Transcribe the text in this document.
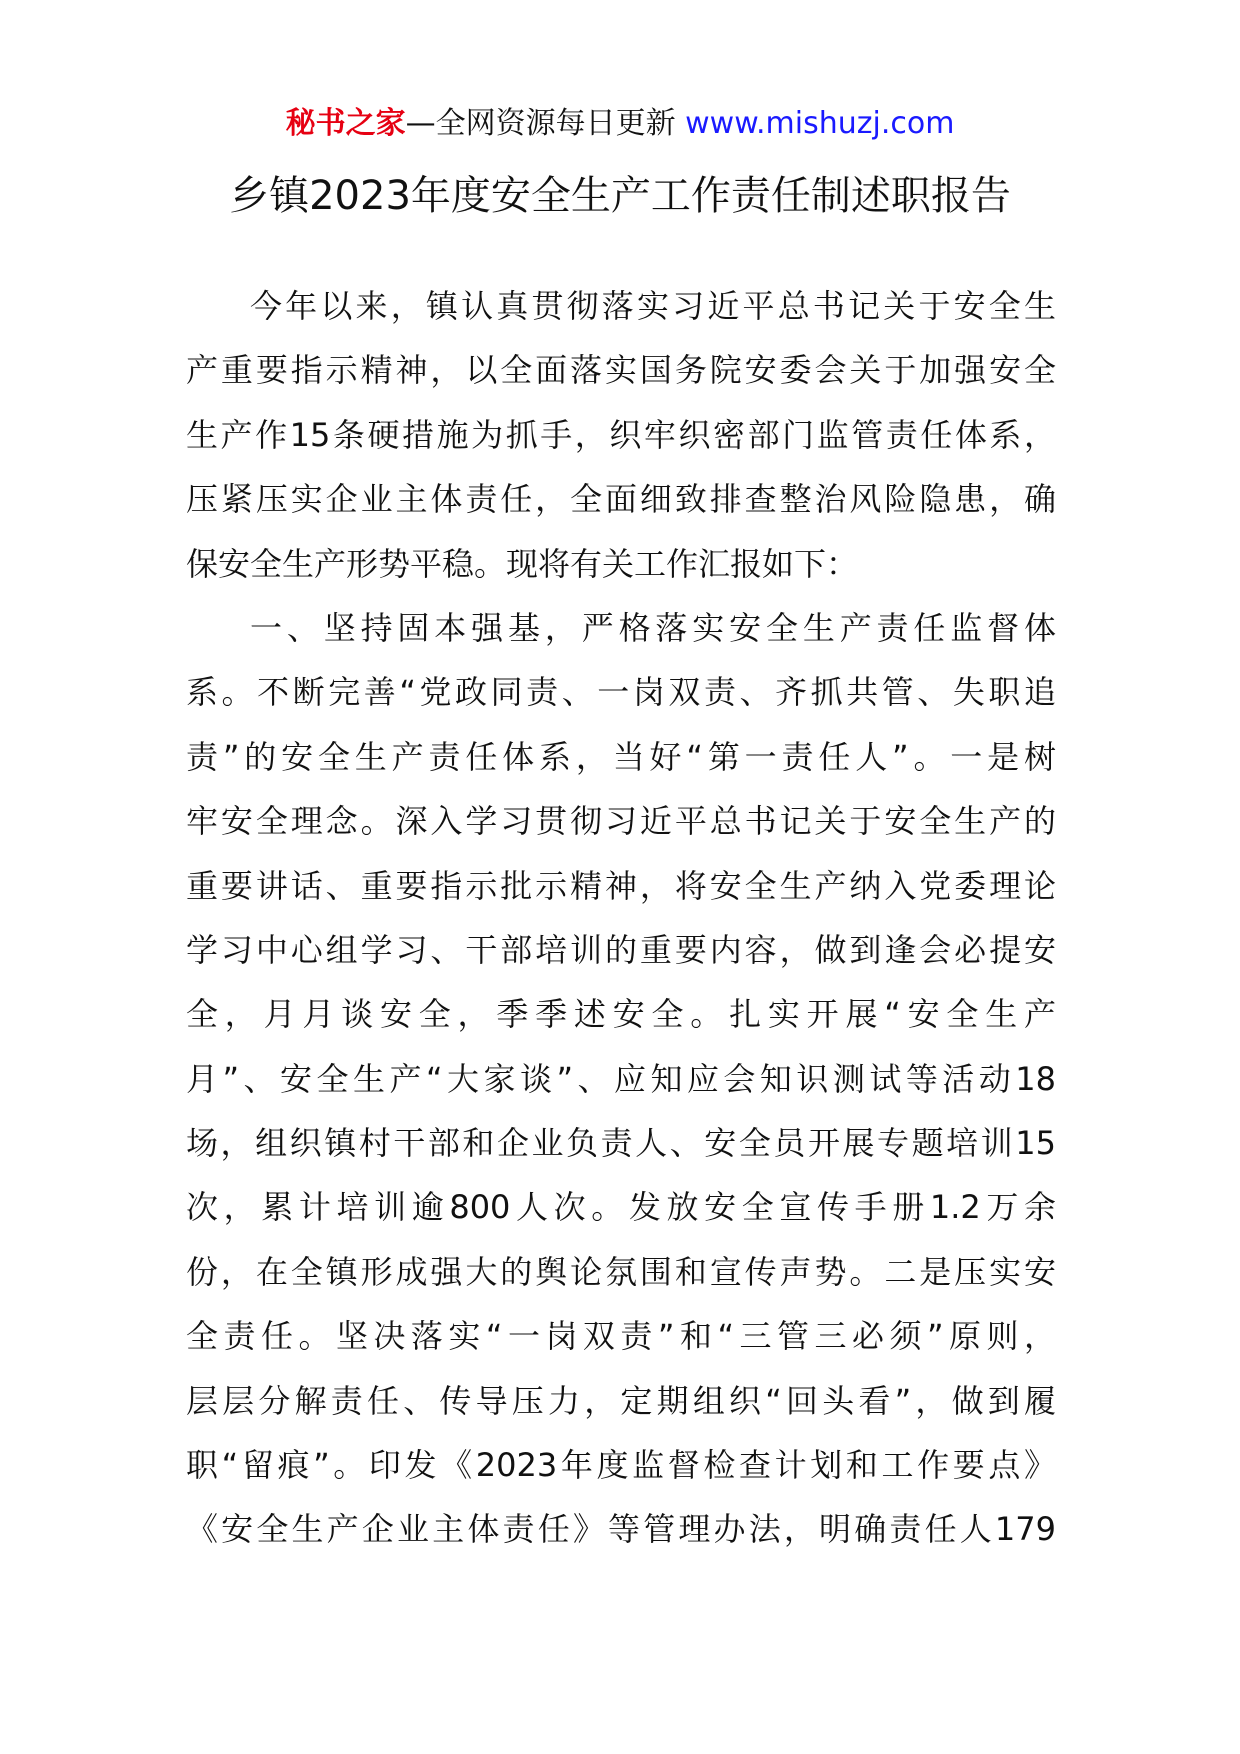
秘书之家—全网资源每日更新 www.mishuzj.com
乡镇2023年度安全生产工作责任制述职报告
今年以来，镇认真贯彻落实习近平总书记关于安全生
产重要指示精神，以全面落实国务院安委会关于加强安全
生产作15条硬措施为抓手，织牢织密部门监管责任体系，
压紧压实企业主体责任，全面细致排查整治风险隐患，确
保安全生产形势平稳。现将有关工作汇报如下：
一、坚持固本强基，严格落实安全生产责任监督体
系。不断完善“党政同责、一岗双责、齐抓共管、失职追
责”的安全生产责任体系，当好“第一责任人”。一是树
牢安全理念。深入学习贯彻习近平总书记关于安全生产的
重要讲话、重要指示批示精神，将安全生产纳入党委理论
学习中心组学习、干部培训的重要内容，做到逢会必提安
全，月月谈安全，季季述安全。扎实开展“安全生产
月”、安全生产“大家谈”、应知应会知识测试等活动18
场，组织镇村干部和企业负责人、安全员开展专题培训15
次，累计培训逾800人次。发放安全宣传手册1.2万余
份，在全镇形成强大的舆论氛围和宣传声势。二是压实安
全责任。坚决落实“一岗双责”和“三管三必须”原则，
层层分解责任、传导压力，定期组织“回头看”，做到履
职“留痕”。印发《2023年度监督检查计划和工作要点》
《安全生产企业主体责任》等管理办法，明确责任人179
